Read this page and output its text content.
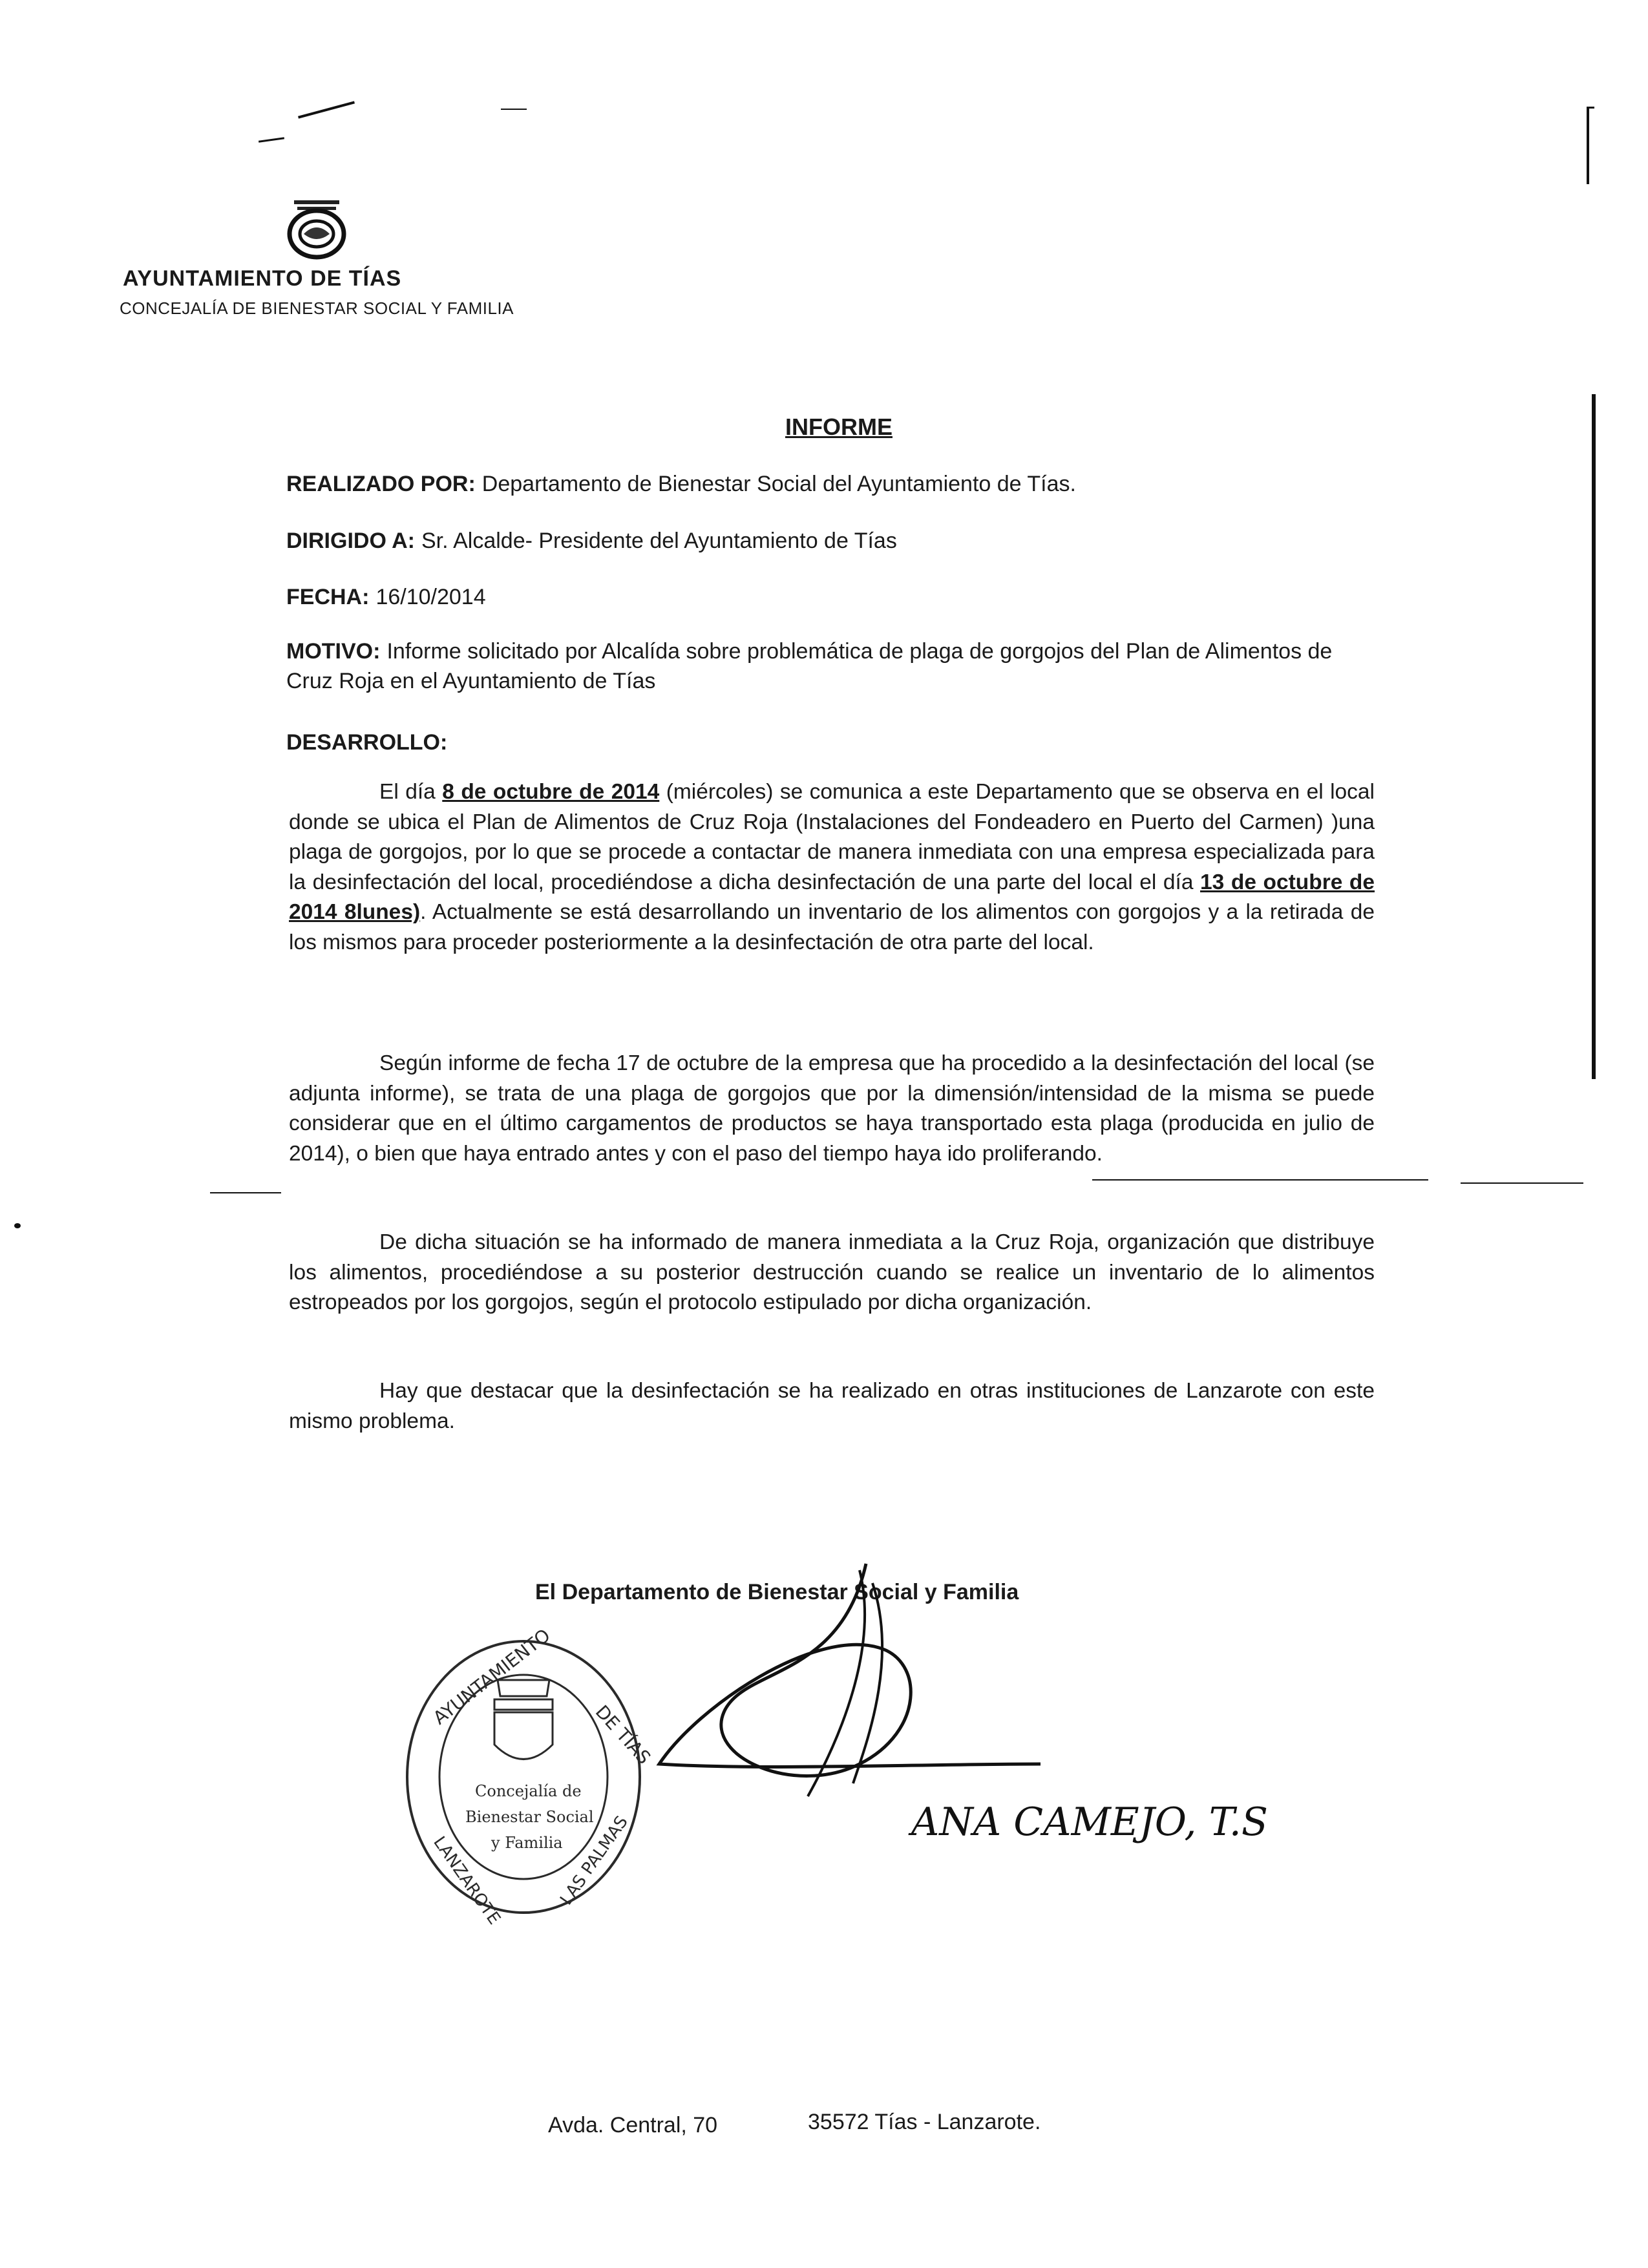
AYUNTAMIENTO DE TÍAS
CONCEJALÍA DE BIENESTAR SOCIAL Y FAMILIA
INFORME
REALIZADO POR: Departamento de Bienestar Social del Ayuntamiento de Tías.
DIRIGIDO A: Sr. Alcalde- Presidente del Ayuntamiento de Tías
FECHA: 16/10/2014
MOTIVO: Informe solicitado por Alcalída sobre problemática de plaga de gorgojos del Plan de Alimentos de Cruz Roja en el Ayuntamiento de Tías
DESARROLLO:
El día 8 de octubre de 2014 (miércoles) se comunica a este Departamento que se observa en el local donde se ubica el Plan de Alimentos de Cruz Roja (Instalaciones del Fondeadero en Puerto del Carmen) )una plaga de gorgojos, por lo que se procede a contactar de manera inmediata con una empresa especializada para la desinfectación del local, procediéndose a dicha desinfectación de una parte del local el día 13 de octubre de 2014 8lunes). Actualmente se está desarrollando un inventario de los alimentos con gorgojos y a la retirada de los mismos para proceder posteriormente a la desinfectación de otra parte del local.
Según informe de fecha 17 de octubre de la empresa que ha procedido a la desinfectación del local (se adjunta informe), se trata de una plaga de gorgojos que por la dimensión/intensidad de la misma se puede considerar que en el último cargamentos de productos se haya transportado esta plaga (producida en julio de 2014), o bien que haya entrado antes y con el paso del tiempo haya ido proliferando.
De dicha situación se ha informado de manera inmediata a la Cruz Roja, organización que distribuye los alimentos, procediéndose a su posterior destrucción cuando se realice un inventario de lo alimentos estropeados por los gorgojos, según el protocolo estipulado por dicha organización.
Hay que destacar que la desinfectación se ha realizado en otras instituciones de Lanzarote con este mismo problema.
El Departamento de Bienestar Social y Familia
Concejalía de
Bienestar Social
y Familia
AYUNTAMIENTO
DE TÍAS
LANZAROTE	LAS PALMAS	ANA CAMEJO, T.S
Avda. Central, 70	35572 Tías - Lanzarote.
